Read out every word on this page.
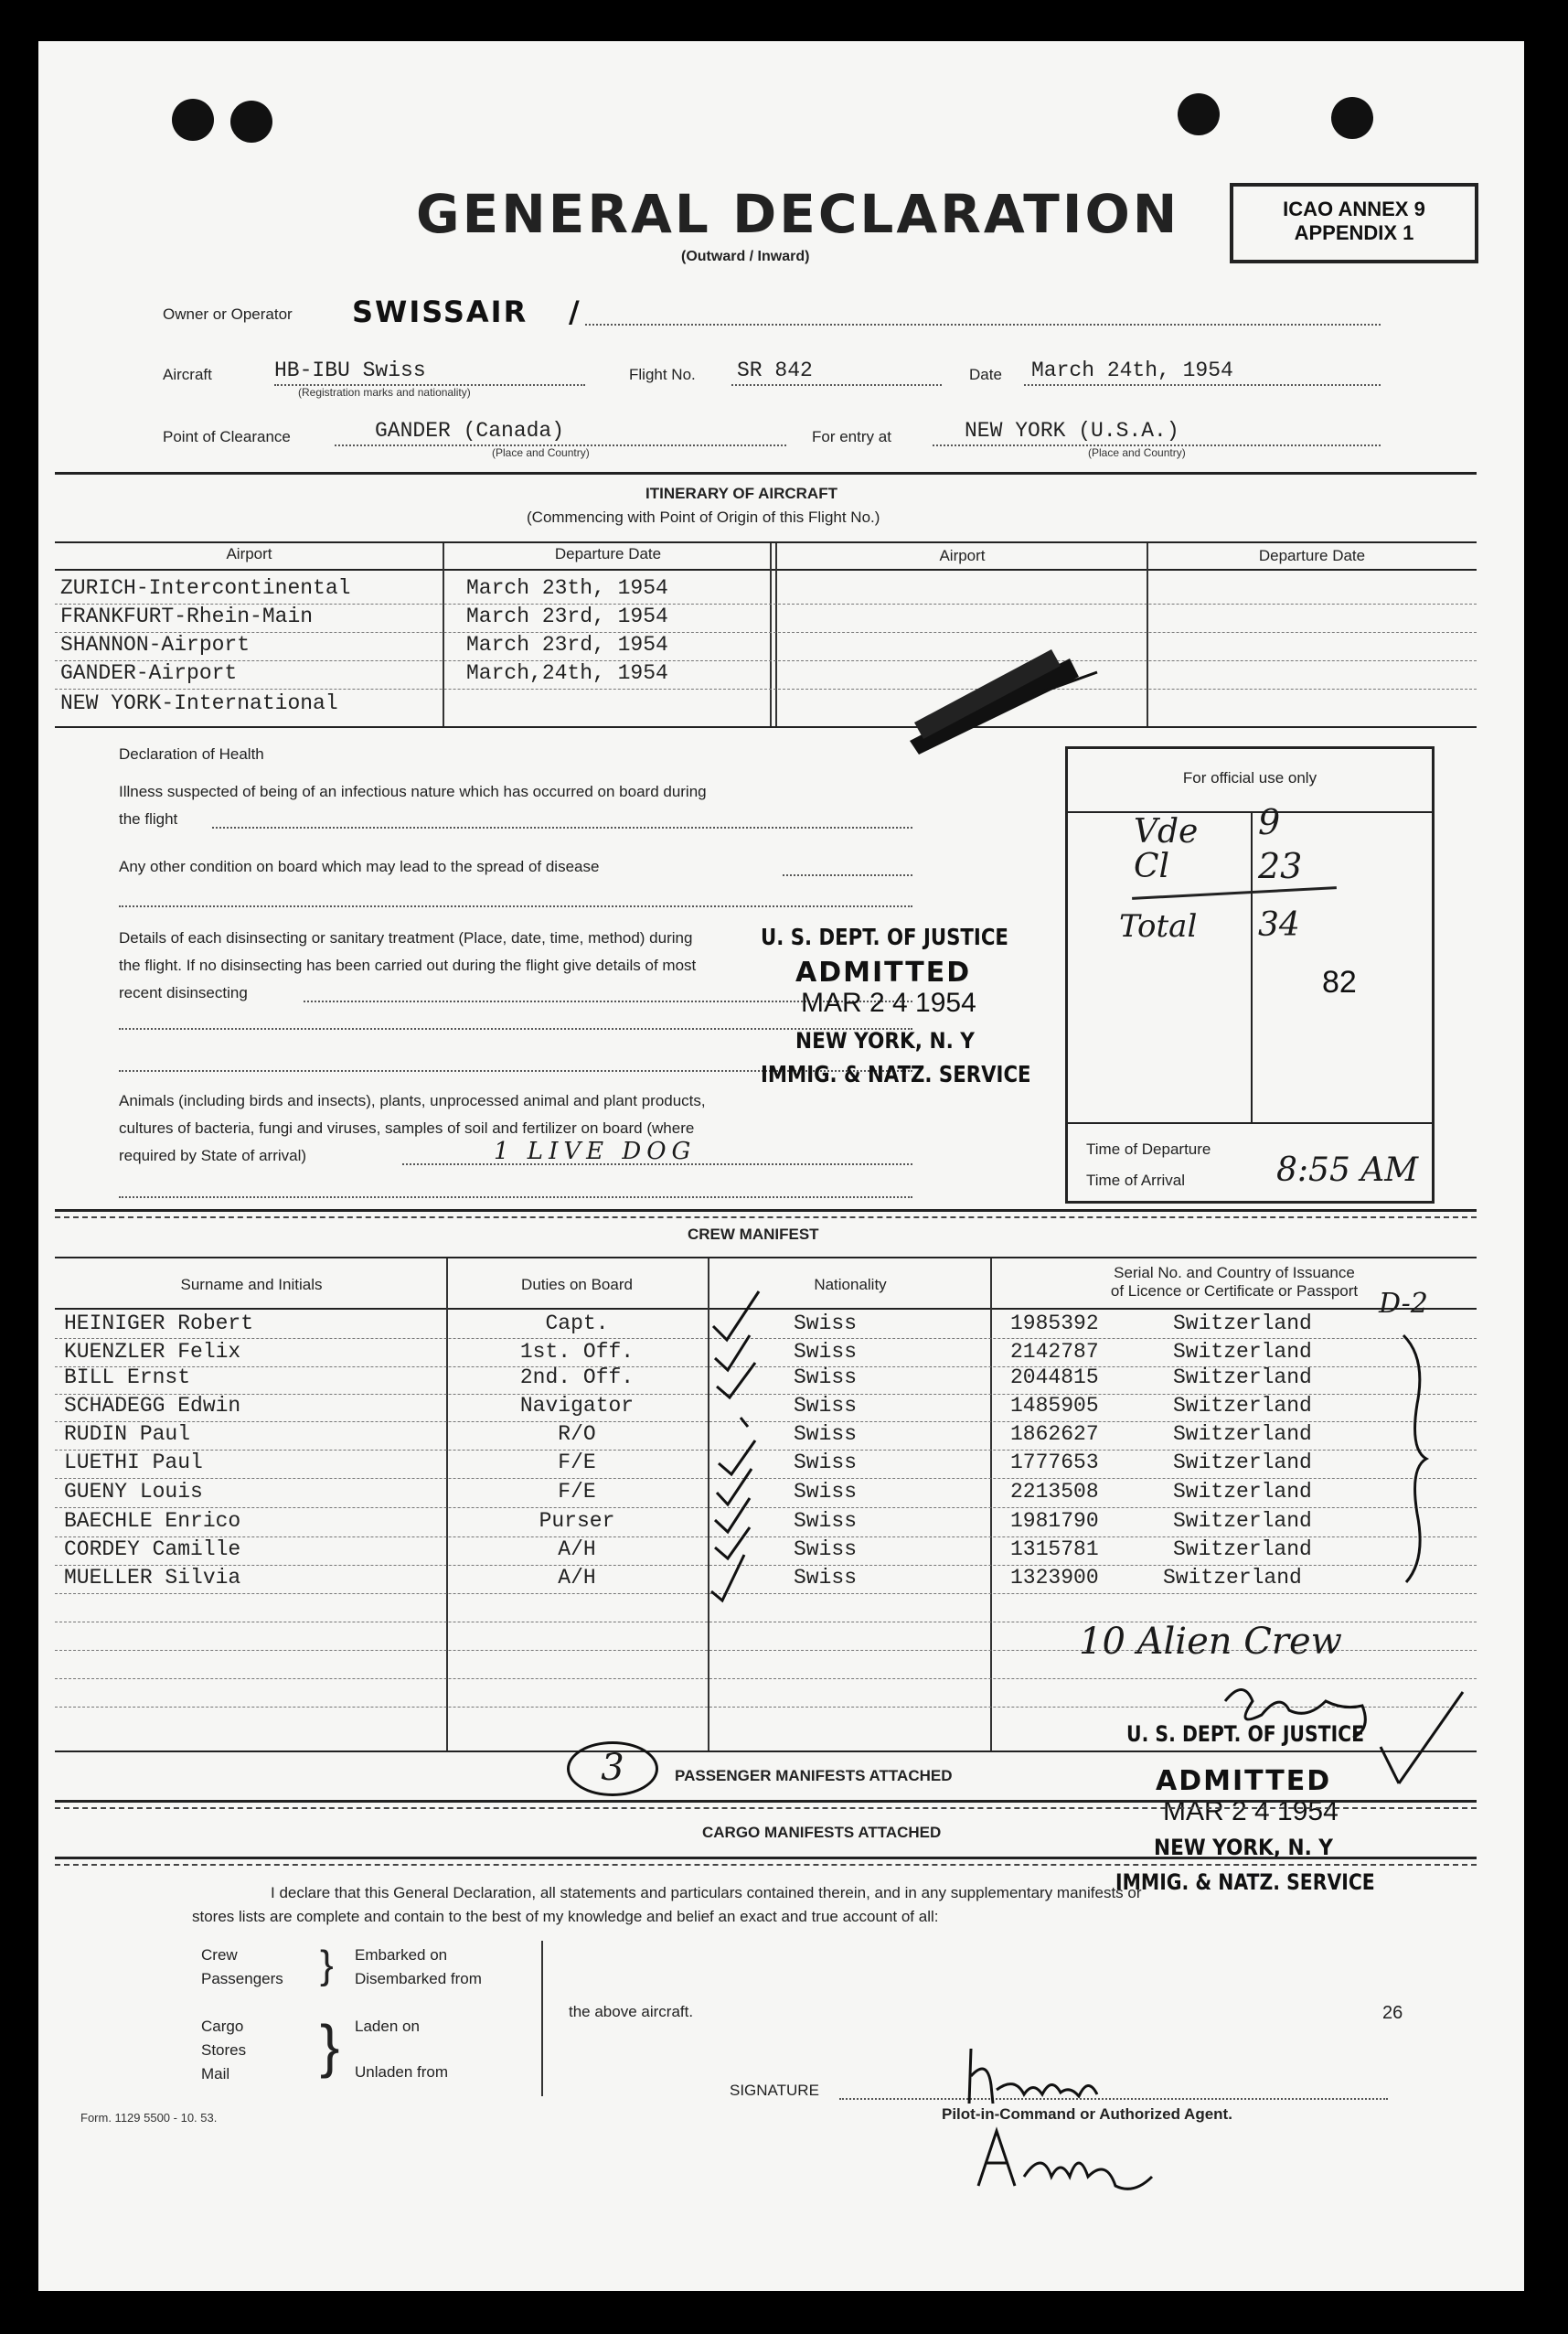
GENERAL DECLARATION
(Outward / Inward)
ICAO ANNEX 9
APPENDIX 1
Owner or Operator SWISSAIR /
Aircraft	HB-IBU Swiss
(Registration marks and nationality)
Flight No. SR 842	Date March 24th, 1954
Point of Clearance	GANDER (Canada)
(Place and Country)
For entry at	NEW YORK (U.S.A.)
(Place and Country)
ITINERARY OF AIRCRAFT
(Commencing with Point of Origin of this Flight No.)
Airport	Departure Date	Airport	Departure Date
ZURICH-Intercontinental	March 23th, 1954
FRANKFURT-Rhein-Main	March 23rd, 1954
SHANNON-Airport	March 23rd, 1954
GANDER-Airport	March,24th, 1954
NEW YORK-International
Declaration of Health
Illness suspected of being of an infectious nature which has occurred on board during
the flight
Any other condition on board which may lead to the spread of disease
Details of each disinsecting or sanitary treatment (Place, date, time, method) during
the flight. If no disinsecting has been carried out during the flight give details of most
recent disinsecting
Animals (including birds and insects), plants, unprocessed animal and plant products,
cultures of bacteria, fungi and viruses, samples of soil and fertilizer on board (where
required by State of arrival)	1 LIVE DOG
U. S. DEPT. OF JUSTICE
ADMITTED
MAR 2 4 1954
NEW YORK, N. Y
IMMIG. & NATZ. SERVICE
For official use only
Vde 9
Cl	23
Total 34
82
Time of Departure
Time of Arrival	8:55 AM
CREW MANIFEST
Surname and Initials	Duties on Board	Nationality
Serial No. and Country of Issuance
of Licence or Certificate or Passport
HEINIGER Robert	Capt.	Swiss	1985392	Switzerland
KUENZLER Felix	1st. Off.	Swiss	2142787	Switzerland
BILL Ernst	2nd. Off.	Swiss	2044815	Switzerland
SCHADEGG Edwin	Navigator	Swiss	1485905	Switzerland
RUDIN Paul	R/O	Swiss	1862627	Switzerland
LUETHI Paul	F/E	Swiss	1777653	Switzerland
GUENY Louis	F/E	Swiss	2213508	Switzerland
BAECHLE Enrico	Purser	Swiss	1981790	Switzerland
CORDEY Camille	A/H	Swiss	1315781	Switzerland
MUELLER Silvia	A/H	Swiss	1323900	Switzerland
D-2
10 Alien Crew
U. S. DEPT. OF JUSTICE
ADMITTED
MAR 2 4 1954
NEW YORK, N. Y
IMMIG. & NATZ. SERVICE
3	PASSENGER MANIFESTS ATTACHED
CARGO MANIFESTS ATTACHED
I declare that this General Declaration, all statements and particulars contained therein, and in any supplementary manifests or
stores lists are complete and contain to the best of my knowledge and belief an exact and true account of all:
Crew
Passengers } Embarked on
Disembarked from
Cargo
Stores
Mail } Laden on
Unladen from
the above aircraft.	26
SIGNATURE
Pilot-in-Command or Authorized Agent.
Form. 1129 5500 - 10. 53.
